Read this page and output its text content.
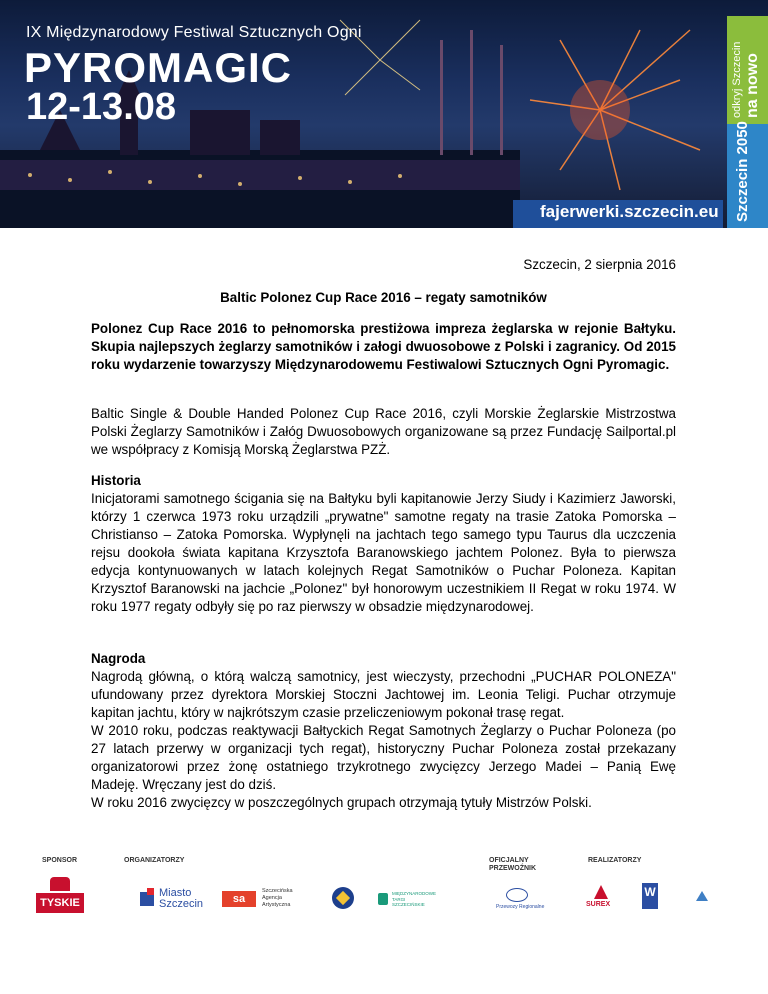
IX Międzynarodowy Festiwal Sztucznych Ogni
PYROMAGIC
12-13.08
fajerwerki.szczecin.eu
odkryj Szczecin na nowo
Szczecin 2050
Szczecin, 2 sierpnia 2016
Baltic Polonez Cup Race 2016 – regaty samotników
Polonez Cup Race 2016 to pełnomorska prestiżowa impreza żeglarska w rejonie Bałtyku. Skupia najlepszych żeglarzy samotników i załogi dwuosobowe z Polski i zagranicy. Od 2015 roku wydarzenie towarzyszy Międzynarodowemu Festiwalowi Sztucznych Ogni Pyromagic.
Baltic Single & Double Handed Polonez Cup Race 2016, czyli Morskie Żeglarskie Mistrzostwa Polski Żeglarzy Samotników i Załóg Dwuosobowych organizowane są przez Fundację Sailportal.pl we współpracy z Komisją Morską Żeglarstwa PZŻ.
Historia
Inicjatorami samotnego ścigania się na Bałtyku byli kapitanowie Jerzy Siudy i Kazimierz Jaworski, którzy 1 czerwca 1973 roku urządzili „prywatne" samotne regaty na trasie Zatoka Pomorska – Christianso – Zatoka Pomorska. Wypłynęli na jachtach tego samego typu Taurus dla uczczenia rejsu dookoła świata kapitana Krzysztofa Baranowskiego jachtem Polonez. Była to pierwsza edycja kontynuowanych w latach kolejnych Regat Samotników o Puchar Poloneza. Kapitan Krzysztof Baranowski na jachcie „Polonez" był honorowym uczestnikiem II Regat w roku 1974. W roku 1977 regaty odbyły się po raz pierwszy w obsadzie międzynarodowej.
Nagroda
Nagrodą główną, o którą walczą samotnicy, jest wieczysty, przechodni „PUCHAR POLONEZA" ufundowany przez dyrektora Morskiej Stoczni Jachtowej im. Leonia Teligi. Puchar otrzymuje kapitan jachtu, który w najkrótszym czasie przeliczeniowym pokonał trasę regat.
W 2010 roku, podczas reaktywacji Bałtyckich Regat Samotnych Żeglarzy o Puchar Poloneza (po 27 latach przerwy w organizacji tych regat), historyczny Puchar Poloneza został przekazany organizatorowi przez żonę ostatniego trzykrotnego zwycięzcy Jerzego Madei – Panią Ewę Madeję. Wręczany jest do dziś.
W roku 2016 zwycięzcy w poszczególnych grupach otrzymają tytuły Mistrzów Polski.
SPONSOR	ORGANIZATORZY	OFICJALNY PRZEWOŹNIK
REALIZATORZY
TYSKIE
Miasto
Szczecin	sa
Szczecińska
Agencja
Artystyczna
MIĘDZYNARODOWE
TARGI
SZCZECIŃSKIE	Przewozy Regionalne	SUREX
W
